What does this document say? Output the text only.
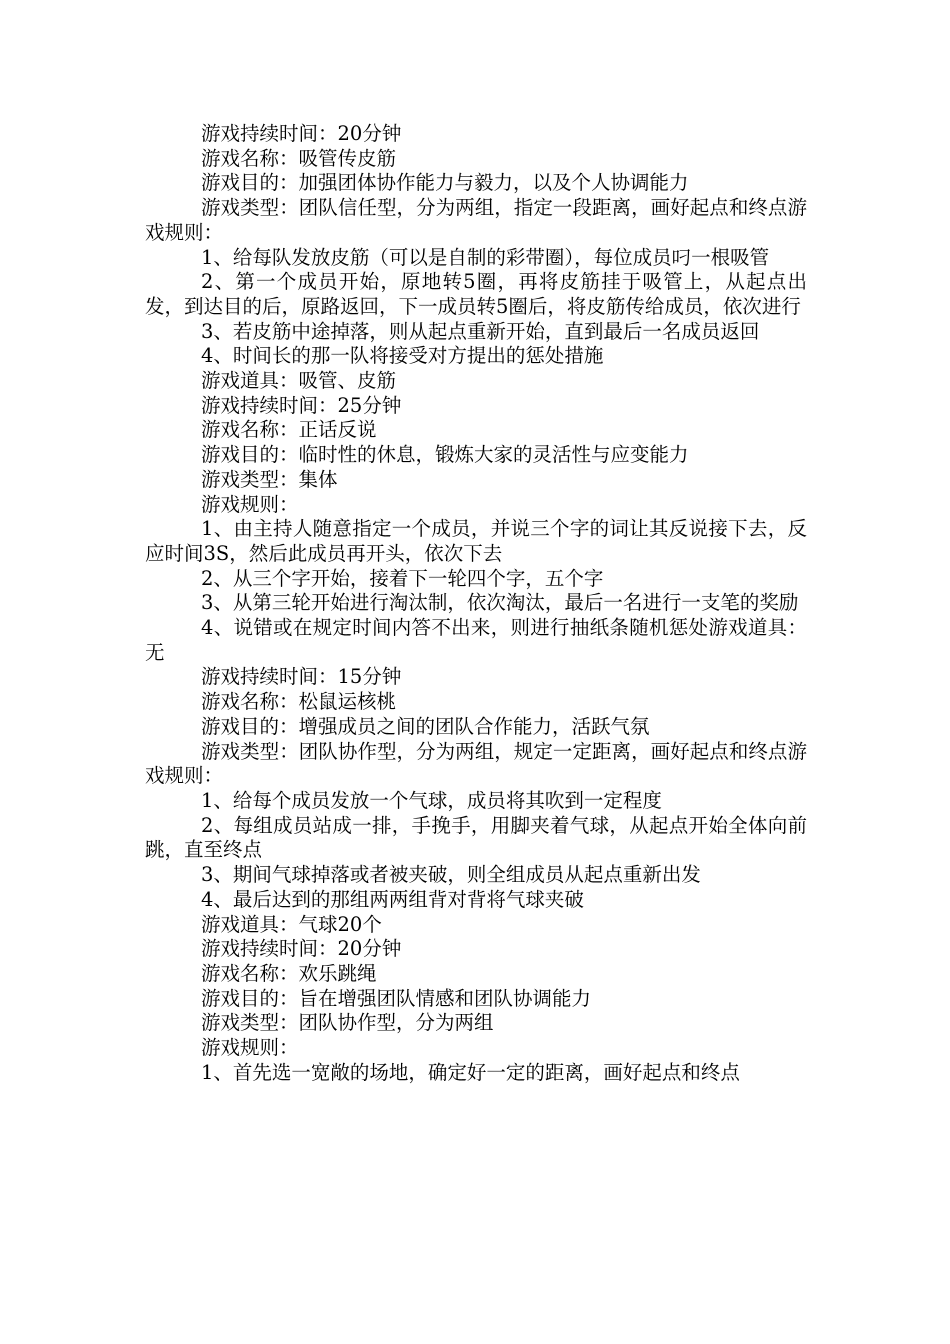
游戏持续时间：20分钟

游戏名称：吸管传皮筋

游戏目的：加强团体协作能力与毅力，以及个人协调能力

游戏类型：团队信任型，分为两组，指定一段距离，画好起点和终点游戏规则：

1、给每队发放皮筋（可以是自制的彩带圈），每位成员叼一根吸管

2、第一个成员开始，原地转5圈，再将皮筋挂于吸管上，从起点出发，到达目的后，原路返回，下一成员转5圈后，将皮筋传给成员，依次进行

3、若皮筋中途掉落，则从起点重新开始，直到最后一名成员返回

4、时间长的那一队将接受对方提出的惩处措施

游戏道具：吸管、皮筋

游戏持续时间：25分钟

游戏名称：正话反说

游戏目的：临时性的休息，锻炼大家的灵活性与应变能力

游戏类型：集体

游戏规则：

1、由主持人随意指定一个成员，并说三个字的词让其反说接下去，反应时间3S，然后此成员再开头，依次下去

2、从三个字开始，接着下一轮四个字，五个字

3、从第三轮开始进行淘汰制，依次淘汰，最后一名进行一支笔的奖励

4、说错或在规定时间内答不出来，则进行抽纸条随机惩处游戏道具：无

游戏持续时间：15分钟

游戏名称：松鼠运核桃

游戏目的：增强成员之间的团队合作能力，活跃气氛

游戏类型：团队协作型，分为两组，规定一定距离，画好起点和终点游戏规则：

1、给每个成员发放一个气球，成员将其吹到一定程度

2、每组成员站成一排，手挽手，用脚夹着气球，从起点开始全体向前跳，直至终点

3、期间气球掉落或者被夹破，则全组成员从起点重新出发

4、最后达到的那组两两组背对背将气球夹破

游戏道具：气球20个

游戏持续时间：20分钟

游戏名称：欢乐跳绳

游戏目的：旨在增强团队情感和团队协调能力

游戏类型：团队协作型，分为两组

游戏规则：

1、首先选一宽敞的场地，确定好一定的距离，画好起点和终点
